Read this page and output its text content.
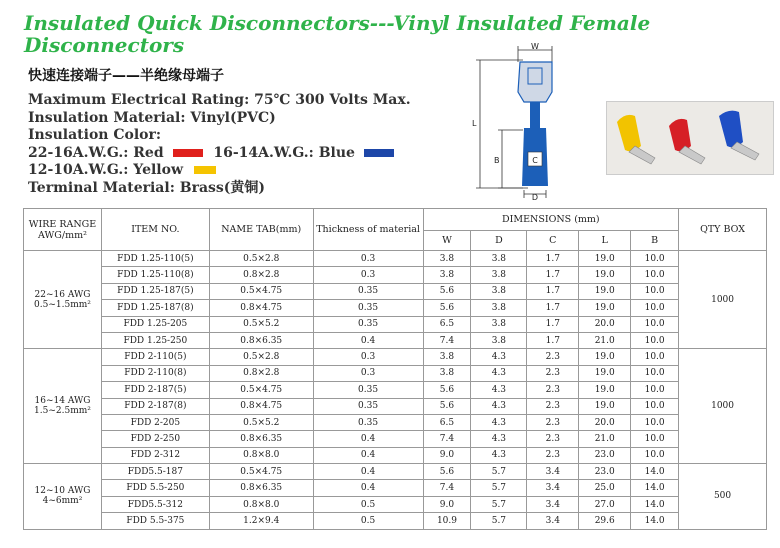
Insulated Quick Disconnectors---Vinyl Insulated Female Disconnectors
快速连接端子——半绝缘母端子
Maximum Electrical Rating: 75℃ 300 Volts Max.
Insulation Material: Vinyl(PVC)
Insulation Color:
22-16A.W.G.: Red	16-14A.W.G.: Blue
12-10A.W.G.: Yellow
Terminal Material: Brass(黄铜)
W
L
B	C
D
WIRE RANGE AWG/mm²	ITEM NO.	NAME TAB(mm)	Thickness of material	DIMENSIONS (mm)					QTY BOX
				W	D	C	L	B	

22~16 AWG
0.5~1.5mm²	FDD 1.25-110(5)	0.5×2.8	0.3	3.8	3.8	1.7	19.0	10.0	1000
	FDD 1.25-110(8)	0.8×2.8	0.3	3.8	3.8	1.7	19.0	10.0	
	FDD 1.25-187(5)	0.5×4.75	0.35	5.6	3.8	1.7	19.0	10.0	
	FDD 1.25-187(8)	0.8×4.75	0.35	5.6	3.8	1.7	19.0	10.0	
	FDD 1.25-205	0.5×5.2	0.35	6.5	3.8	1.7	20.0	10.0	
	FDD 1.25-250	0.8×6.35	0.4	7.4	3.8	1.7	21.0	10.0	

16~14 AWG
1.5~2.5mm²	FDD 2-110(5)	0.5×2.8	0.3	3.8	4.3	2.3	19.0	10.0	1000
	FDD 2-110(8)	0.8×2.8	0.3	3.8	4.3	2.3	19.0	10.0	
	FDD 2-187(5)	0.5×4.75	0.35	5.6	4.3	2.3	19.0	10.0	
	FDD 2-187(8)	0.8×4.75	0.35	5.6	4.3	2.3	19.0	10.0	
	FDD 2-205	0.5×5.2	0.35	6.5	4.3	2.3	20.0	10.0	
	FDD 2-250	0.8×6.35	0.4	7.4	4.3	2.3	21.0	10.0	
	FDD 2-312	0.8×8.0	0.4	9.0	4.3	2.3	23.0	10.0	

12~10 AWG
4~6mm²	FDD5.5-187	0.5×4.75	0.4	5.6	5.7	3.4	23.0	14.0	500
	FDD 5.5-250	0.8×6.35	0.4	7.4	5.7	3.4	25.0	14.0	
	FDD5.5-312	0.8×8.0	0.5	9.0	5.7	3.4	27.0	14.0	
	FDD 5.5-375	1.2×9.4	0.5	10.9	5.7	3.4	29.6	14.0	
